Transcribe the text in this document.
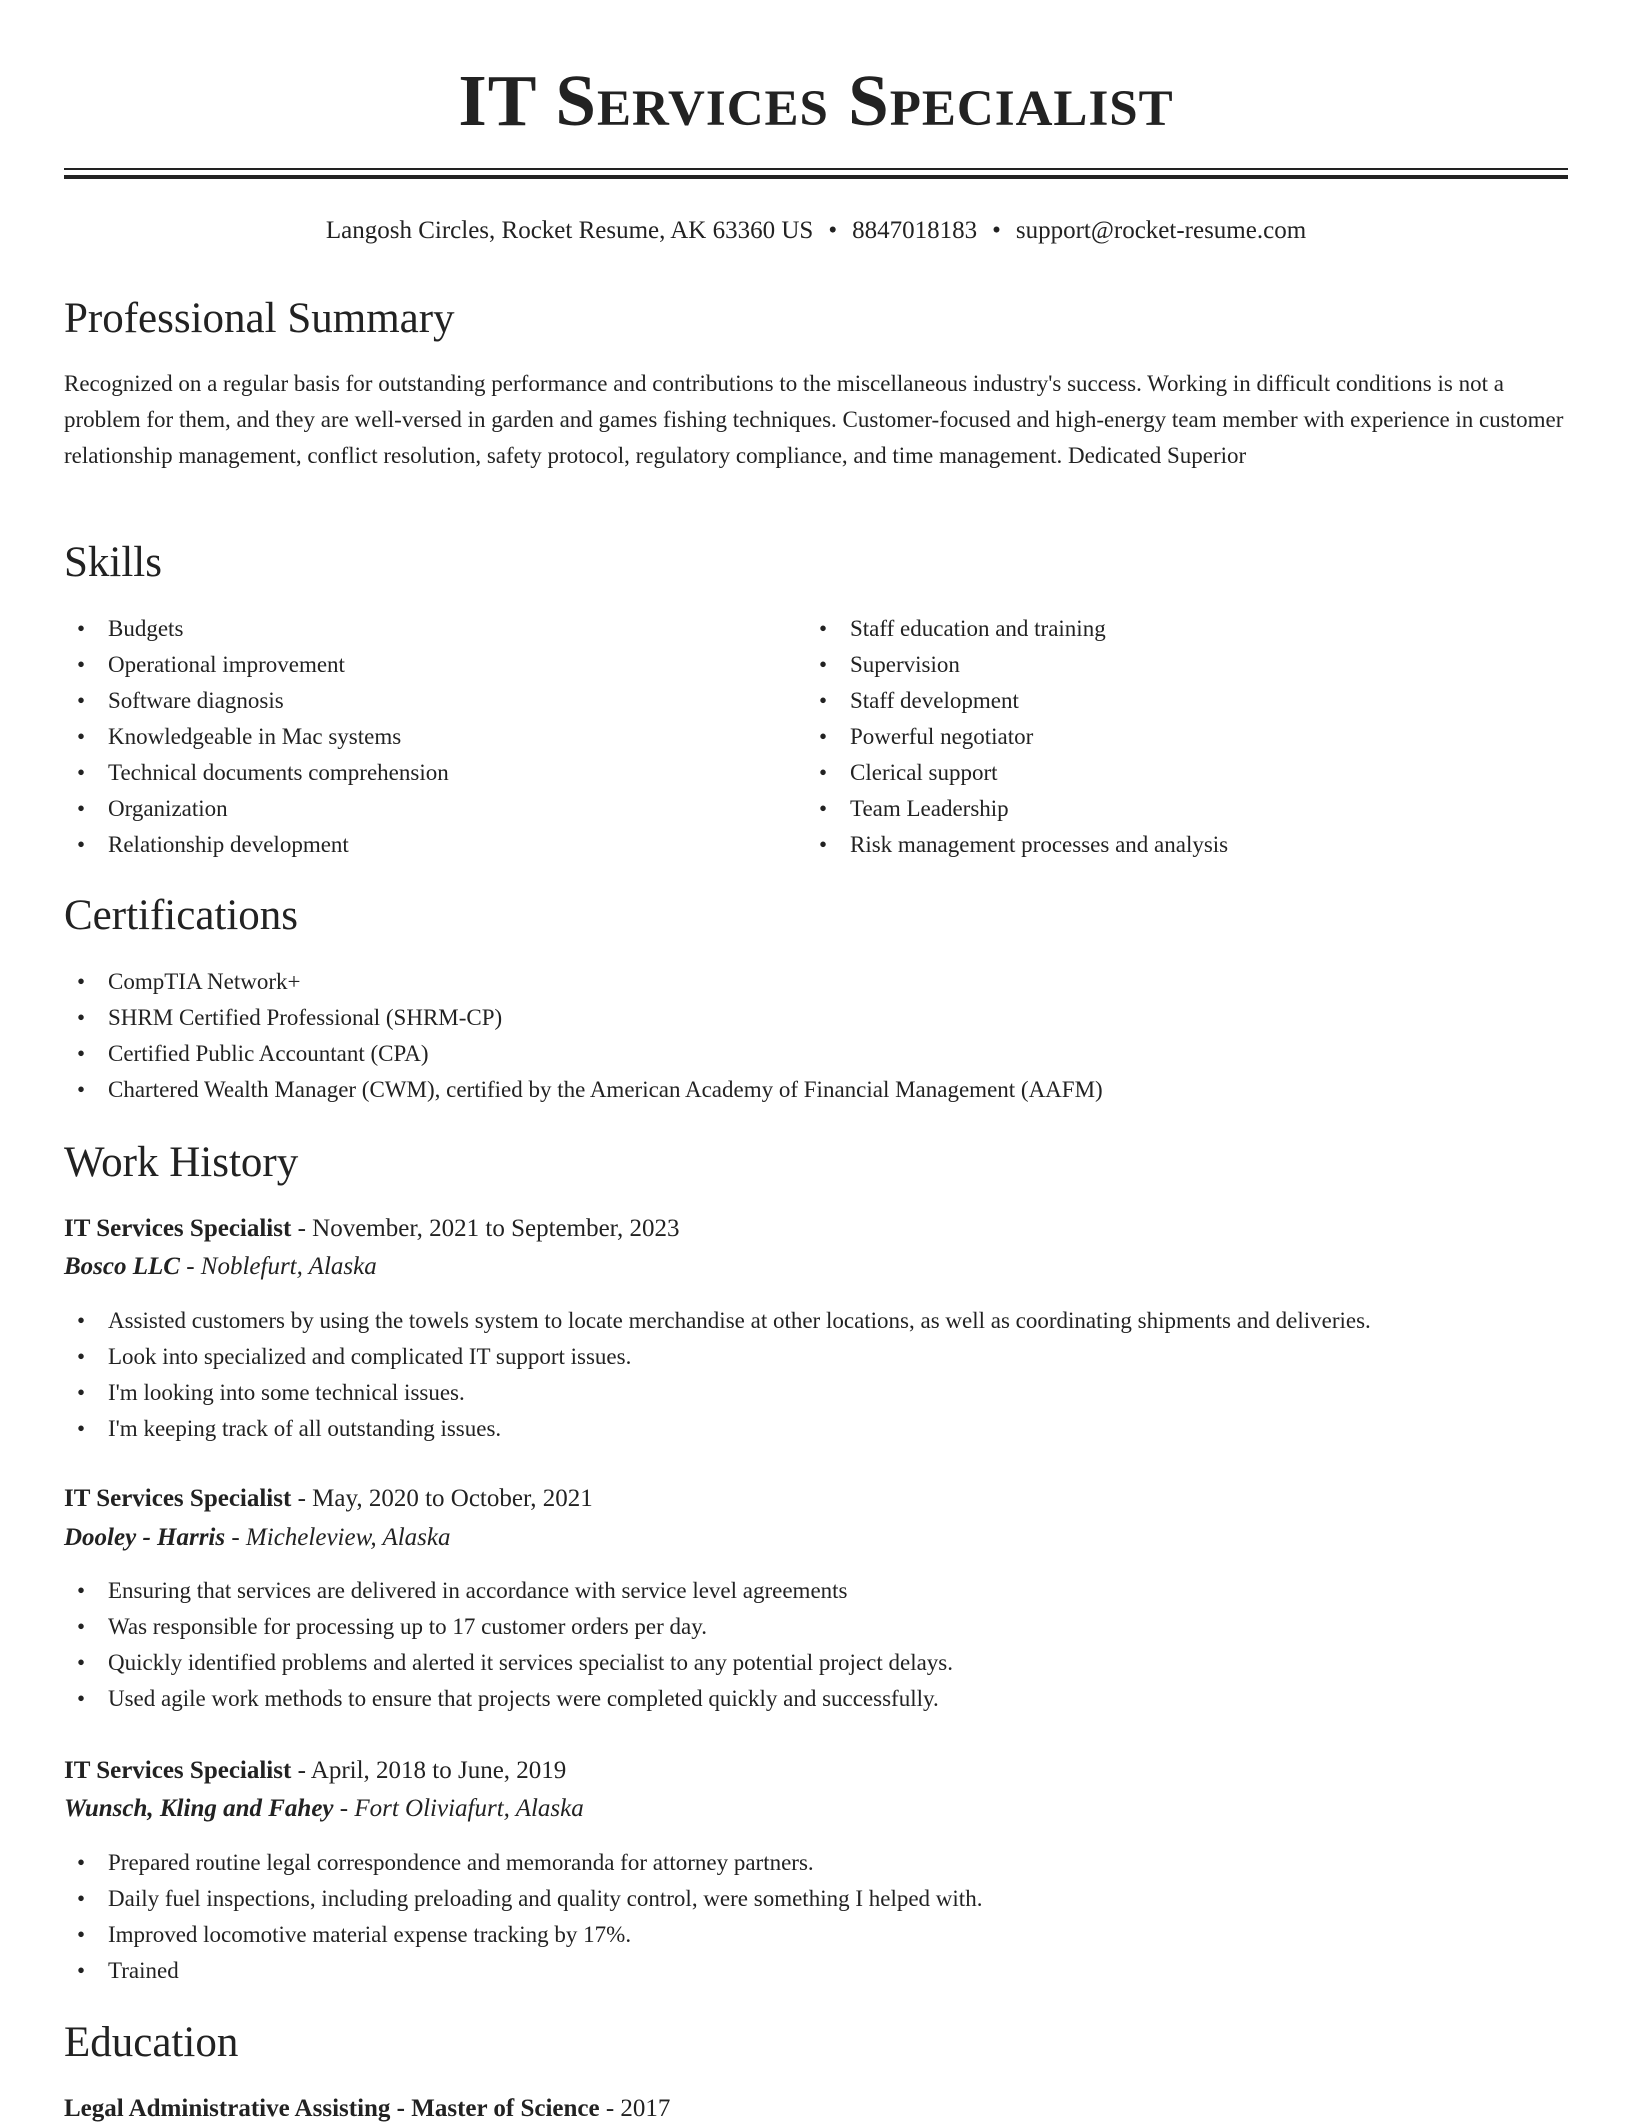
IT Services Specialist
Langosh Circles, Rocket Resume, AK 63360 US • 8847018183 • support@rocket-resume.com
Professional Summary

Recognized on a regular basis for outstanding performance and contributions to the miscellaneous industry's success. Working in difficult conditions is not a problem for them, and they are well-versed in garden and games fishing techniques. Customer-focused and high-energy team member with experience in customer relationship management, conflict resolution, safety protocol, regulatory compliance, and time management. Dedicated Superior

Skills
• Budgets
• Operational improvement
• Software diagnosis
• Knowledgeable in Mac systems
• Technical documents comprehension
• Organization
• Relationship development
• Staff education and training
• Supervision
• Staff development
• Powerful negotiator
• Clerical support
• Team Leadership
• Risk management processes and analysis
Certifications
• CompTIA Network+
• SHRM Certified Professional (SHRM-CP)
• Certified Public Accountant (CPA)
• Chartered Wealth Manager (CWM), certified by the American Academy of Financial Management (AAFM)
Work History
IT Services Specialist - November, 2021 to September, 2023
Bosco LLC - Noblefurt, Alaska
• Assisted customers by using the towels system to locate merchandise at other locations, as well as coordinating shipments and deliveries.
• Look into specialized and complicated IT support issues.
• I'm looking into some technical issues.
• I'm keeping track of all outstanding issues.
IT Services Specialist - May, 2020 to October, 2021
Dooley - Harris - Micheleview, Alaska
• Ensuring that services are delivered in accordance with service level agreements
• Was responsible for processing up to 17 customer orders per day.
• Quickly identified problems and alerted it services specialist to any potential project delays.
• Used agile work methods to ensure that projects were completed quickly and successfully.
IT Services Specialist - April, 2018 to June, 2019
Wunsch, Kling and Fahey - Fort Oliviafurt, Alaska
• Prepared routine legal correspondence and memoranda for attorney partners.
• Daily fuel inspections, including preloading and quality control, were something I helped with.
• Improved locomotive material expense tracking by 17%.
• Trained
Education
Legal Administrative Assisting - Master of Science - 2017
